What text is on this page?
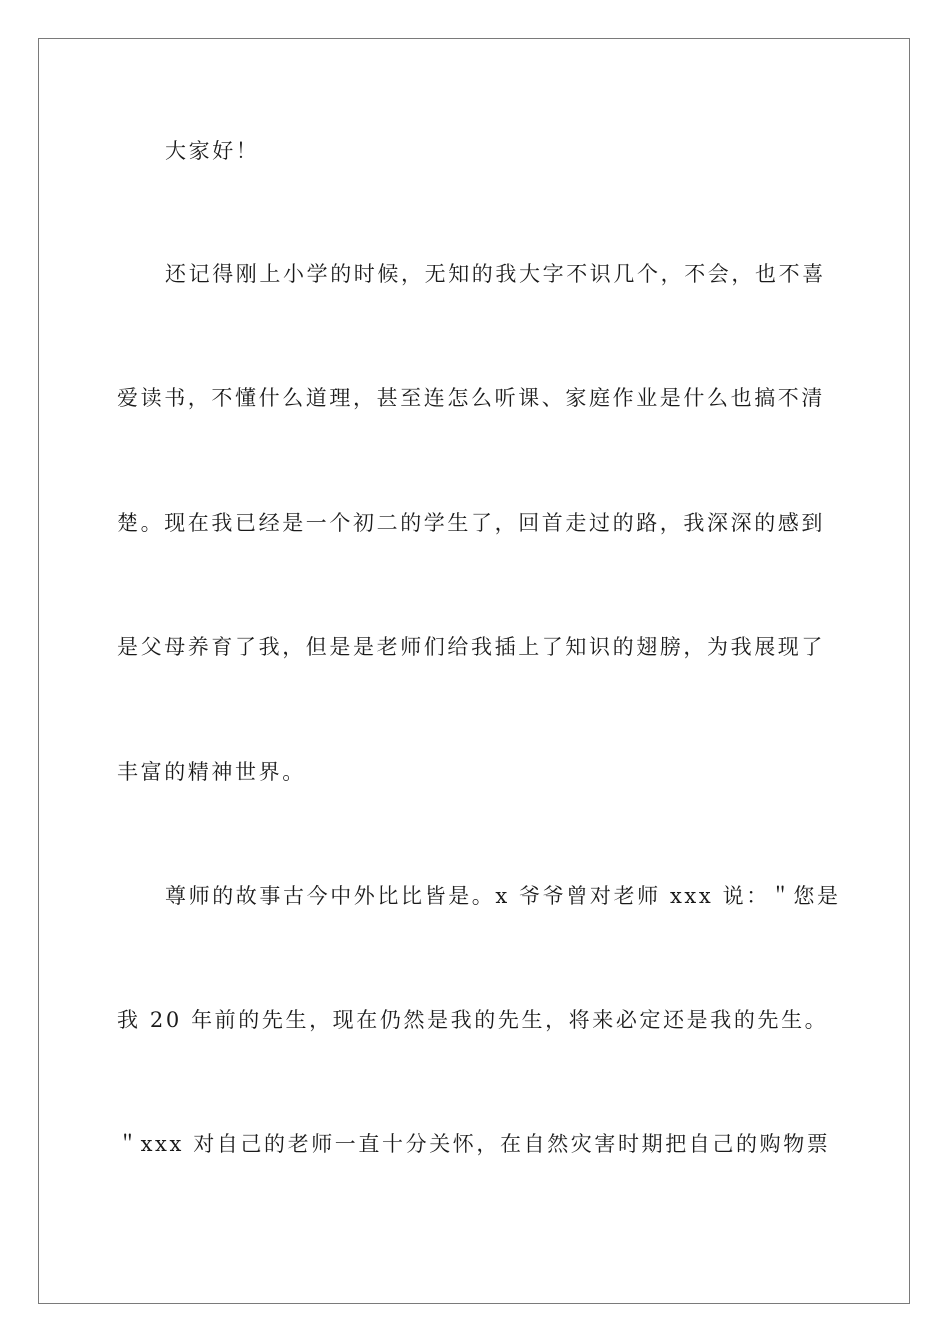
大家好！
还记得刚上小学的时候，无知的我大字不识几个，不会，也不喜
爱读书，不懂什么道理，甚至连怎么听课、家庭作业是什么也搞不清
楚。现在我已经是一个初二的学生了，回首走过的路，我深深的感到
是父母养育了我，但是是老师们给我插上了知识的翅膀，为我展现了
丰富的精神世界。
尊师的故事古今中外比比皆是。x 爷爷曾对老师 xxx 说：＂您是
我 20 年前的先生，现在仍然是我的先生，将来必定还是我的先生。
＂xxx 对自己的老师一直十分关怀，在自然灾害时期把自己的购物票
